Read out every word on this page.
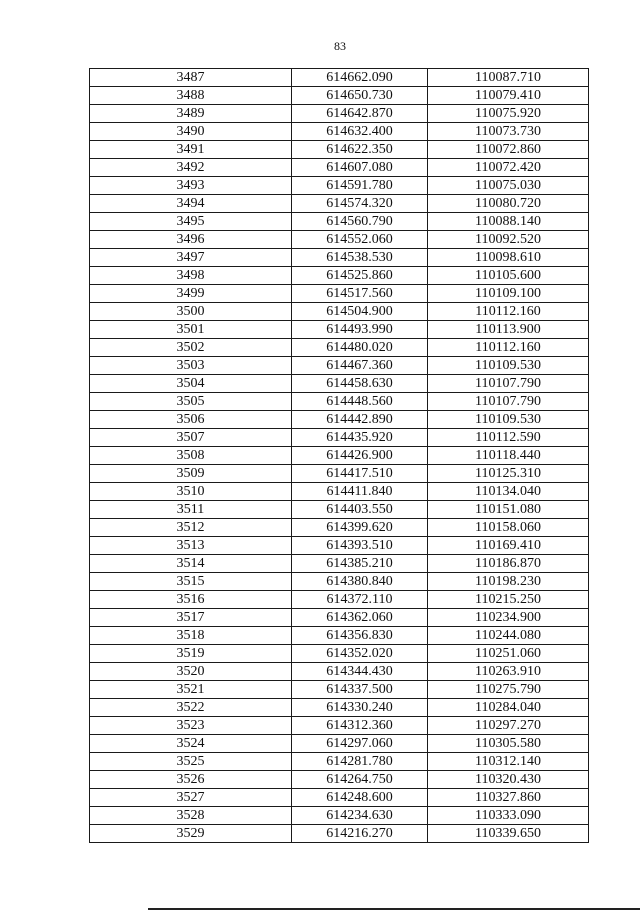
83
3487	614662.090	110087.710
3488	614650.730	110079.410
3489	614642.870	110075.920
3490	614632.400	110073.730
3491	614622.350	110072.860
3492	614607.080	110072.420
3493	614591.780	110075.030
3494	614574.320	110080.720
3495	614560.790	110088.140
3496	614552.060	110092.520
3497	614538.530	110098.610
3498	614525.860	110105.600
3499	614517.560	110109.100
3500	614504.900	110112.160
3501	614493.990	110113.900
3502	614480.020	110112.160
3503	614467.360	110109.530
3504	614458.630	110107.790
3505	614448.560	110107.790
3506	614442.890	110109.530
3507	614435.920	110112.590
3508	614426.900	110118.440
3509	614417.510	110125.310
3510	614411.840	110134.040
3511	614403.550	110151.080
3512	614399.620	110158.060
3513	614393.510	110169.410
3514	614385.210	110186.870
3515	614380.840	110198.230
3516	614372.110	110215.250
3517	614362.060	110234.900
3518	614356.830	110244.080
3519	614352.020	110251.060
3520	614344.430	110263.910
3521	614337.500	110275.790
3522	614330.240	110284.040
3523	614312.360	110297.270
3524	614297.060	110305.580
3525	614281.780	110312.140
3526	614264.750	110320.430
3527	614248.600	110327.860
3528	614234.630	110333.090
3529	614216.270	110339.650
